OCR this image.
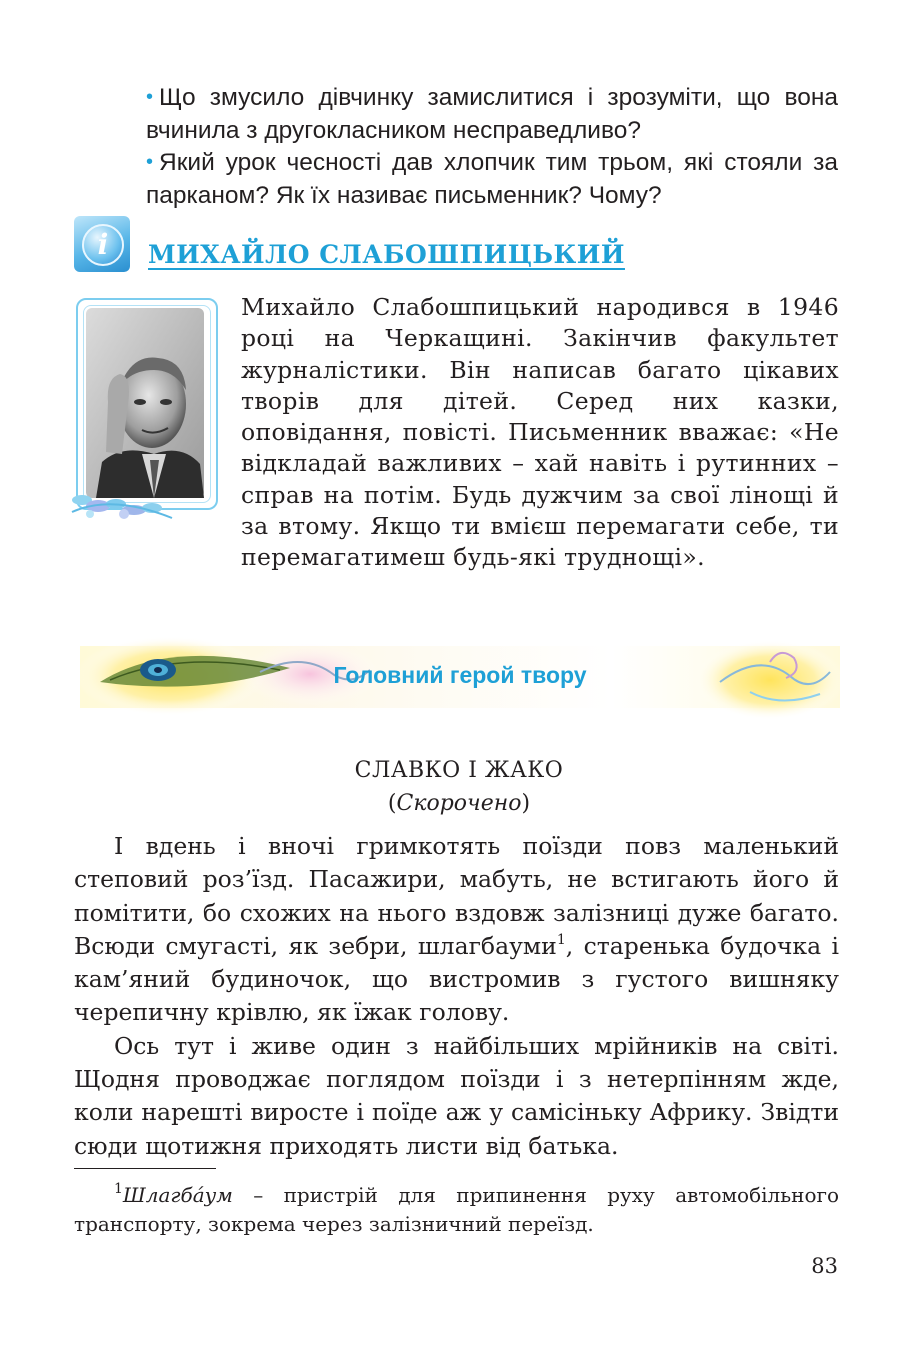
• Що змусило дівчинку замислитися і зрозуміти, що вона вчинила з другокласником несправедливо?
• Який урок чесності дав хлопчик тим трьом, які стояли за парканом? Як їх називає письменник? Чому?
i	МИХАЙЛО СЛАБОШПИЦЬКИЙ

Михайло Слабошпицький народився в 1946 році на Черкащині. Закінчив факультет журналістики. Він написав багато цікавих творів для дітей. Серед них казки, оповідання, повісті. Письменник вважає: «Не відкладай важливих – хай навіть і рутинних – справ на потім. Будь дужчим за свої лінощі й за втому. Якщо ти вмієш перемагати себе, ти перемагатимеш будь-які труднощі».

Головний герой твору
СЛАВКО І ЖАКО
(Скорочено)

І вдень і вночі гримкотять поїзди повз маленький степовий роз’їзд. Пасажири, мабуть, не встигають його й помітити, бо схожих на нього вздовж залізниці дуже багато. Всюди смугасті, як зебри, шлагбауми$^1$, старенька будочка і кам’яний будиночок, що вистромив з густого вишняку черепичну крівлю, як їжак голову.

Ось тут і живе один з найбільших мрійників на світі. Щодня проводжає поглядом поїзди і з нетерпінням жде, коли нарешті виросте і поїде аж у самісіньку Африку. Звідти сюди щотижня приходять листи від батька.

$^1$Шлагбáум – пристрій для припинення руху автомобільного транспорту, зокрема через залізничний переїзд.

83
